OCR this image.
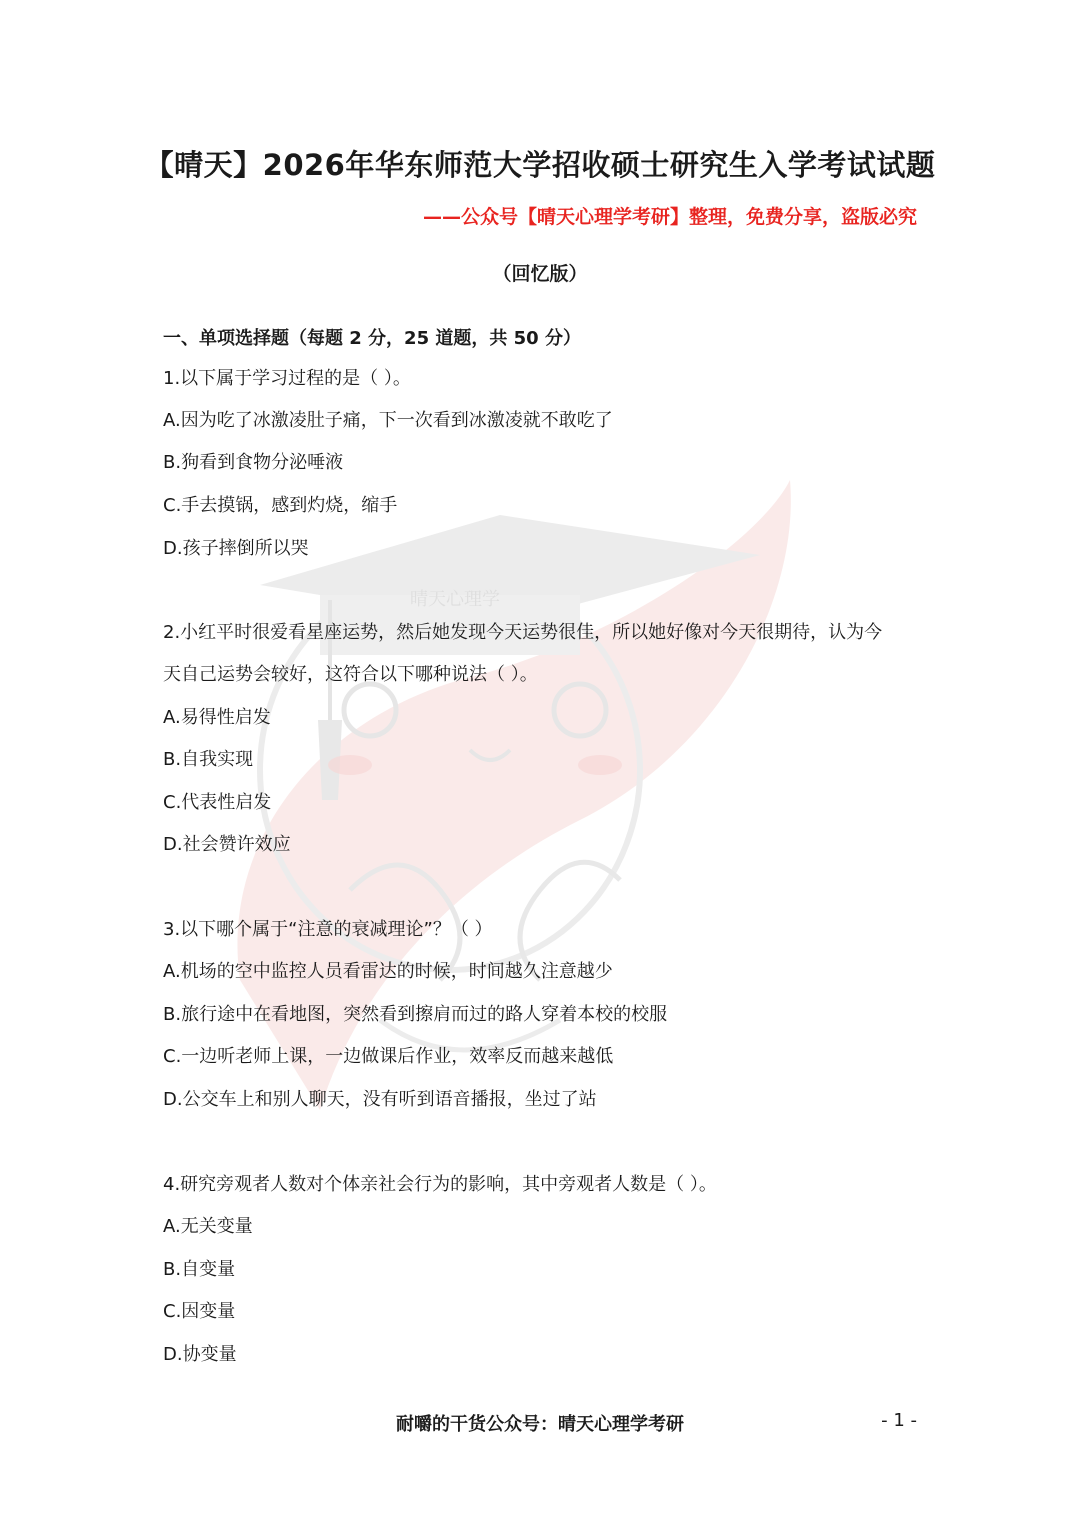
晴天心理学
【晴天】2026年华东师范大学招收硕士研究生入学考试试题
——公众号【晴天心理学考研】整理，免费分享，盗版必究
（回忆版）
一、单项选择题（每题 2 分，25 道题，共 50 分）
1.以下属于学习过程的是（ ）。
A.因为吃了冰激凌肚子痛，下一次看到冰激凌就不敢吃了
B.狗看到食物分泌唾液
C.手去摸锅，感到灼烧，缩手
D.孩子摔倒所以哭
2.小红平时很爱看星座运势，然后她发现今天运势很佳，所以她好像对今天很期待，认为今
天自己运势会较好，这符合以下哪种说法（ ）。
A.易得性启发
B.自我实现
C.代表性启发
D.社会赞许效应
3.以下哪个属于“注意的衰减理论”？（ ）
A.机场的空中监控人员看雷达的时候，时间越久注意越少
B.旅行途中在看地图，突然看到擦肩而过的路人穿着本校的校服
C.一边听老师上课，一边做课后作业，效率反而越来越低
D.公交车上和别人聊天，没有听到语音播报，坐过了站
4.研究旁观者人数对个体亲社会行为的影响，其中旁观者人数是（ ）。
A.无关变量
B.自变量
C.因变量
D.协变量
耐嚼的干货公众号：晴天心理学考研	- 1 -
